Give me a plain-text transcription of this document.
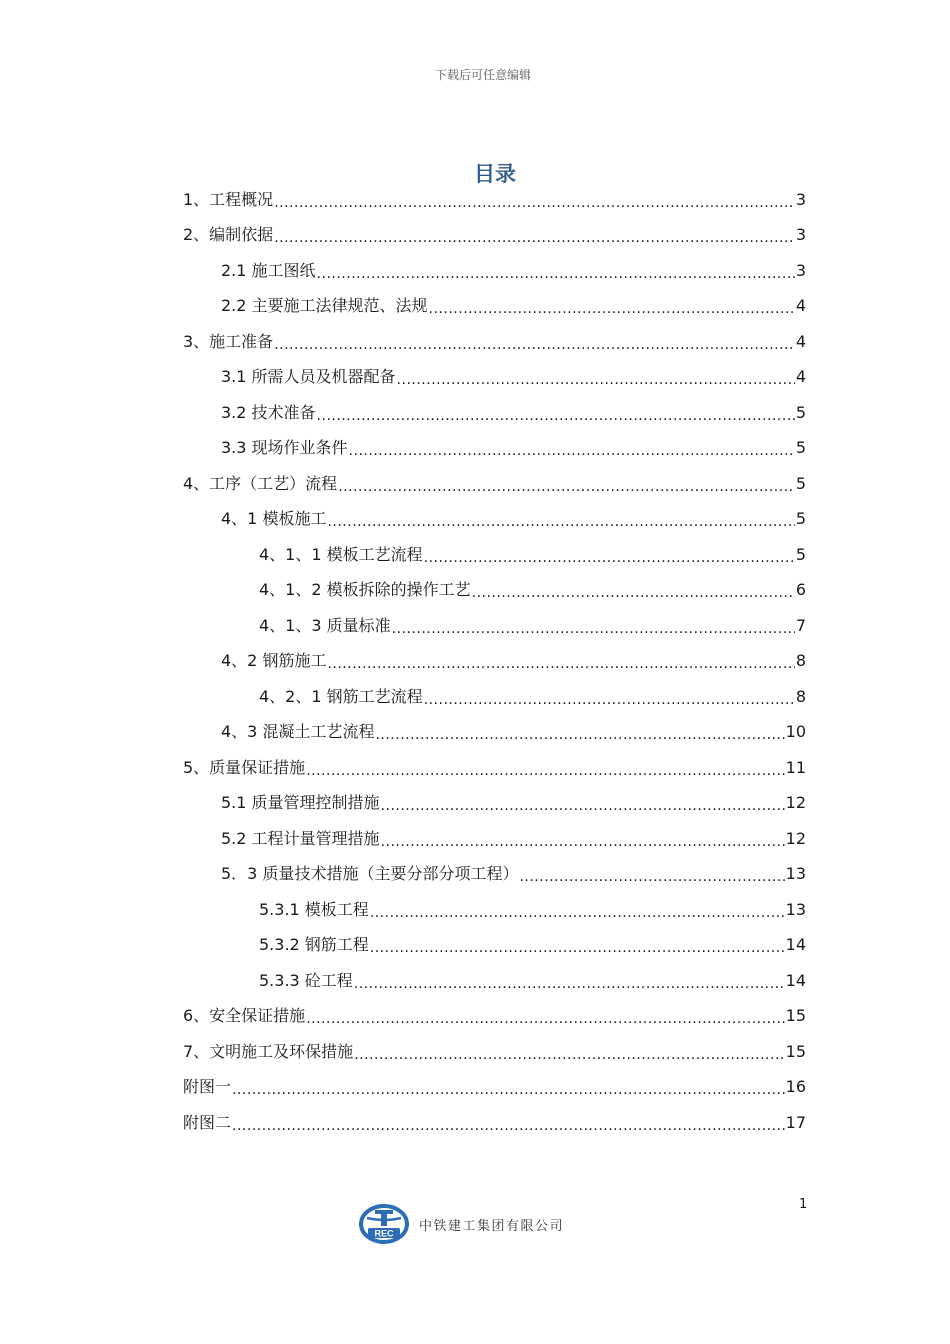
下载后可任意编辑
目录
1、工程概况 .....	3
2、编制依据 .....	3
2.1 施工图纸 .....	3
2.2 主要施工法律规范、法规 .....	4
3、施工准备 .....	4
3.1 所需人员及机器配备 .....	4
3.2 技术准备 .....	5
3.3 现场作业条件 .....	5
4、工序（工艺）流程 .....	5
4、1 模板施工 .....	5
4、1、1 模板工艺流程 .....	5
4、1、2 模板拆除的操作工艺 .....	6
4、1、3 质量标准 .....	7
4、2 钢筋施工 .....	8
4、2、1 钢筋工艺流程 .....	8
4、3 混凝土工艺流程 .....	10
5、质量保证措施 .....	11
5.1 质量管理控制措施 .....	12
5.2 工程计量管理措施 .....	12
5．3 质量技术措施（主要分部分项工程） .....	13
5.3.1 模板工程 .....	13
5.3.2 钢筋工程 .....	14
5.3.3 砼工程 .....	14
6、安全保证措施 .....	15
7、文明施工及环保措施 .....	15
附图一 .....	16
附图二 .....	17
1
REC 中铁建工集团有限公司
